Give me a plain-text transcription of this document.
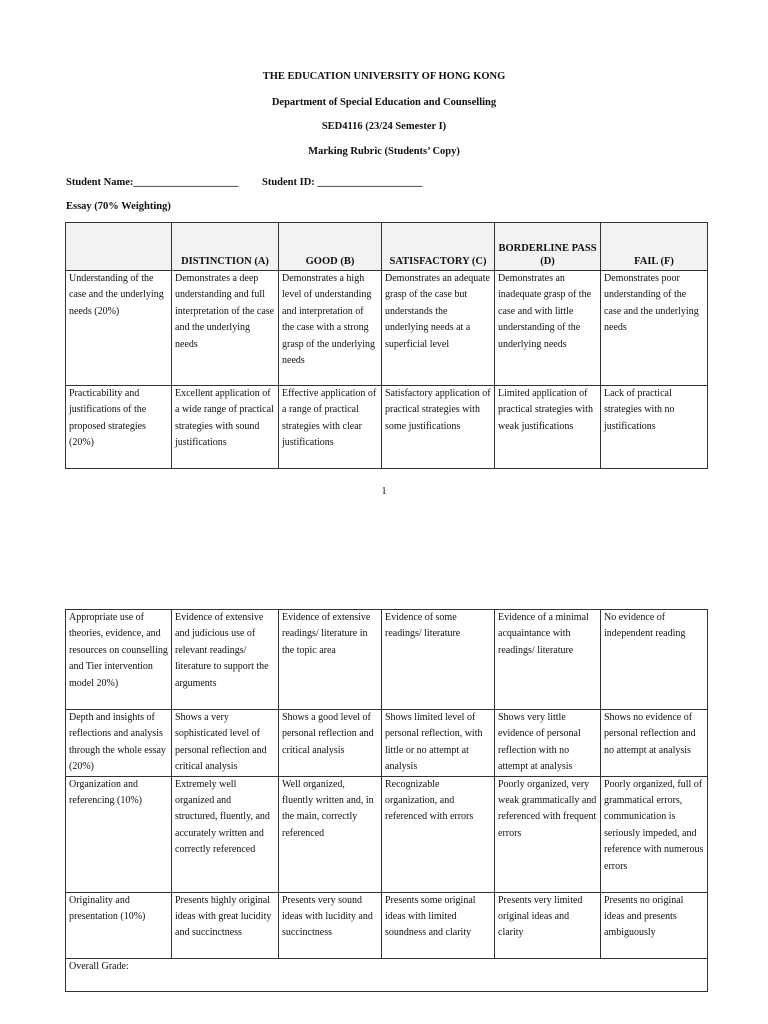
THE EDUCATION UNIVERSITY OF HONG KONG
Department of Special Education and Counselling
SED4116 (23/24 Semester I)
Marking Rubric (Students’ Copy)
Student Name:____________________ Student ID: ____________________
Essay (70% Weighting)
	DISTINCTION (A)	GOOD (B)	SATISFACTORY (C)	BORDERLINE PASS (D)	FAIL (F)
Understanding of the case and the underlying needs (20%)	Demonstrates a deep understanding and full interpretation of the case and the underlying needs	Demonstrates a high level of understanding and interpretation of the case with a strong grasp of the underlying needs	Demonstrates an adequate grasp of the case but understands the underlying needs at a superficial level	Demonstrates an inadequate grasp of the case and with little understanding of the underlying needs	Demonstrates poor understanding of the case and the underlying needs
Practicability and justifications of the proposed strategies (20%)	Excellent application of a wide range of practical strategies with sound justifications	Effective application of a range of practical strategies with clear justifications	Satisfactory application of practical strategies with some justifications	Limited application of practical strategies with weak justifications	Lack of practical strategies with no justifications
1
Appropriate use of theories, evidence, and resources on counselling and Tier intervention model 20%)	Evidence of extensive and judicious use of relevant readings/ literature to support the arguments	Evidence of extensive readings/ literature in the topic area	Evidence of some readings/ literature	Evidence of a minimal acquaintance with readings/ literature	No evidence of independent reading
Depth and insights of reflections and analysis through the whole essay (20%)	Shows a very sophisticated level of personal reflection and critical analysis	Shows a good level of personal reflection and critical analysis	Shows limited level of personal reflection, with little or no attempt at analysis	Shows very little evidence of personal reflection with no attempt at analysis	Shows no evidence of personal reflection and no attempt at analysis
Organization and referencing (10%)	Extremely well organized and structured, fluently, and accurately written and correctly referenced	Well organized, fluently written and, in the main, correctly referenced	Recognizable organization, and referenced with errors	Poorly organized, very weak grammatically and referenced with frequent errors	Poorly organized, full of grammatical errors, communication is seriously impeded, and reference with numerous errors
Originality and presentation (10%)	Presents highly original ideas with great lucidity and succinctness	Presents very sound ideas with lucidity and succinctness	Presents some original ideas with limited soundness and clarity	Presents very limited original ideas and clarity	Presents no original ideas and presents ambiguously
Overall Grade:					
